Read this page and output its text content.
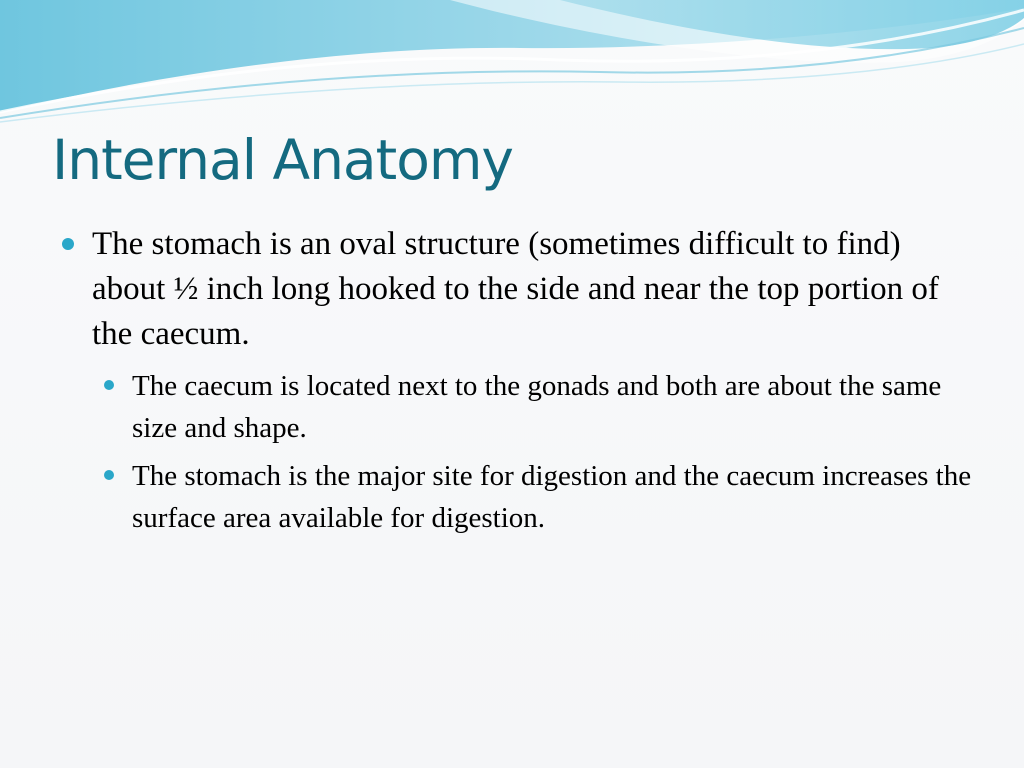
Internal Anatomy
The stomach is an oval structure (sometimes difficult to find) about ½ inch long hooked to the side and near the top portion of the caecum.
The caecum is located next to the gonads and both are about the same size and shape.
The stomach is the major site for digestion and the caecum increases the surface area available for digestion.
